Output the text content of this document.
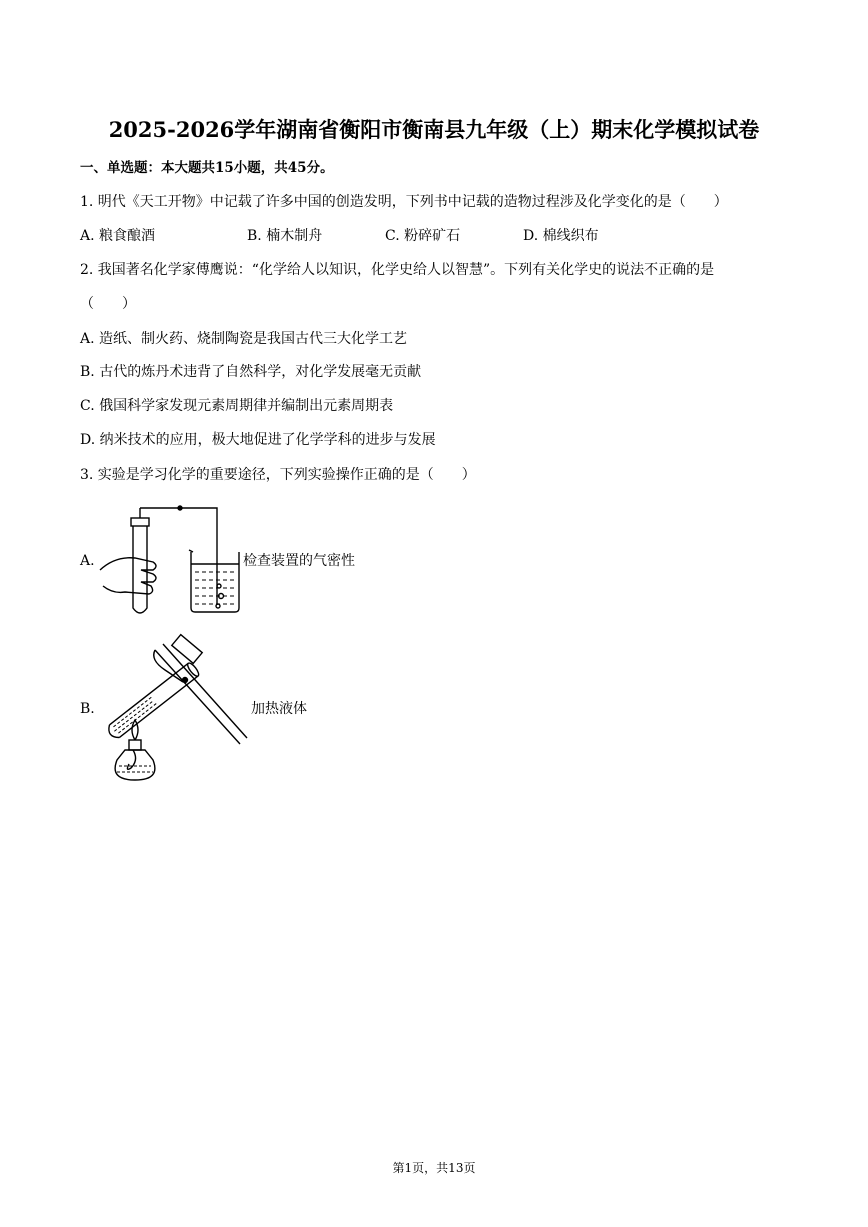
2025-2026学年湖南省衡阳市衡南县九年级（上）期末化学模拟试卷
一、单选题：本大题共15小题，共45分。
1. 明代《天工开物》中记载了许多中国的创造发明，下列书中记载的造物过程涉及化学变化的是（　　）
A. 粮食酿酒	B. 楠木制舟	C. 粉碎矿石	D. 棉线织布
2. 我国著名化学家傅鹰说：“化学给人以知识，化学史给人以智慧”。下列有关化学史的说法不正确的是
（　　）
A. 造纸、制火药、烧制陶瓷是我国古代三大化学工艺
B. 古代的炼丹术违背了自然科学，对化学发展毫无贡献
C. 俄国科学家发现元素周期律并编制出元素周期表
D. 纳米技术的应用，极大地促进了化学学科的进步与发展
3. 实验是学习化学的重要途径，下列实验操作正确的是（　　）
A.	检查装置的气密性
B.	加热液体
第1页，共13页
